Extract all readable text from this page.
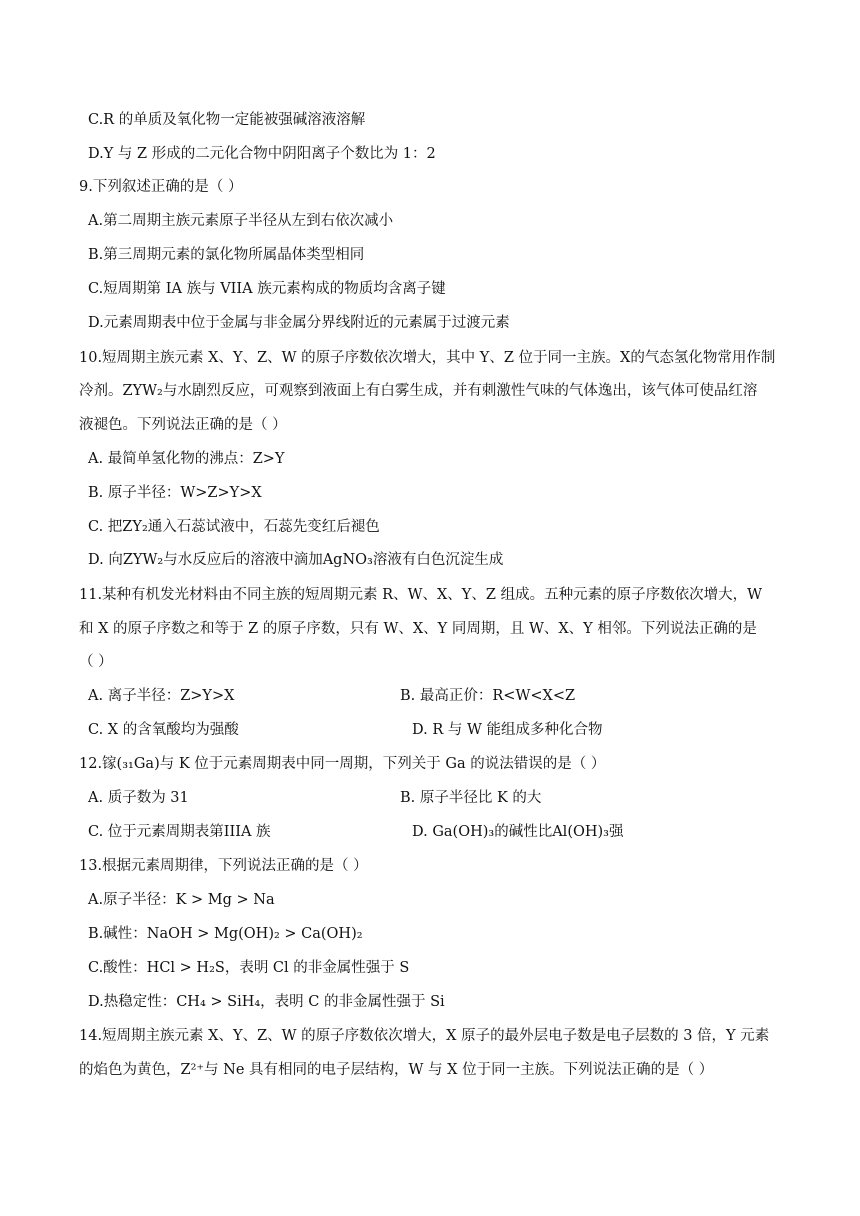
C.R 的单质及氧化物一定能被强碱溶液溶解
D.Y 与 Z 形成的二元化合物中阴阳离子个数比为 1：2
9.下列叙述正确的是（ ）
A.第二周期主族元素原子半径从左到右依次减小
B.第三周期元素的氯化物所属晶体类型相同
C.短周期第 IA 族与 VIIA 族元素构成的物质均含离子键
D.元素周期表中位于金属与非金属分界线附近的元素属于过渡元素
10.短周期主族元素 X、Y、Z、W 的原子序数依次增大，其中 Y、Z 位于同一主族。X的气态氢化物常用作制
冷剂。ZYW₂与水剧烈反应，可观察到液面上有白雾生成，并有刺激性气味的气体逸出，该气体可使品红溶
液褪色。下列说法正确的是（ ）
A. 最简单氢化物的沸点：Z>Y
B. 原子半径：W>Z>Y>X
C. 把ZY₂通入石蕊试液中，石蕊先变红后褪色
D. 向ZYW₂与水反应后的溶液中滴加AgNO₃溶液有白色沉淀生成
11.某种有机发光材料由不同主族的短周期元素 R、W、X、Y、Z 组成。五种元素的原子序数依次增大，W
和 X 的原子序数之和等于 Z 的原子序数，只有 W、X、Y 同周期，且 W、X、Y 相邻。下列说法正确的是
（ ）
A. 离子半径：Z>Y>X	B. 最高正价：R<W<X<Z
C. X 的含氧酸均为强酸	D. R 与 W 能组成多种化合物
12.镓(₃₁Ga)与 K 位于元素周期表中同一周期，下列关于 Ga 的说法错误的是（ ）
A. 质子数为 31	B. 原子半径比 K 的大
C. 位于元素周期表第IIIA 族	D. Ga(OH)₃的碱性比Al(OH)₃强
13.根据元素周期律，下列说法正确的是（ ）
A.原子半径：K > Mg > Na
B.碱性：NaOH > Mg(OH)₂ > Ca(OH)₂
C.酸性：HCl > H₂S，表明 Cl 的非金属性强于 S
D.热稳定性：CH₄ > SiH₄，表明 C 的非金属性强于 Si
14.短周期主族元素 X、Y、Z、W 的原子序数依次增大，X 原子的最外层电子数是电子层数的 3 倍，Y 元素
的焰色为黄色，Z²⁺与 Ne 具有相同的电子层结构，W 与 X 位于同一主族。下列说法正确的是（ ）
